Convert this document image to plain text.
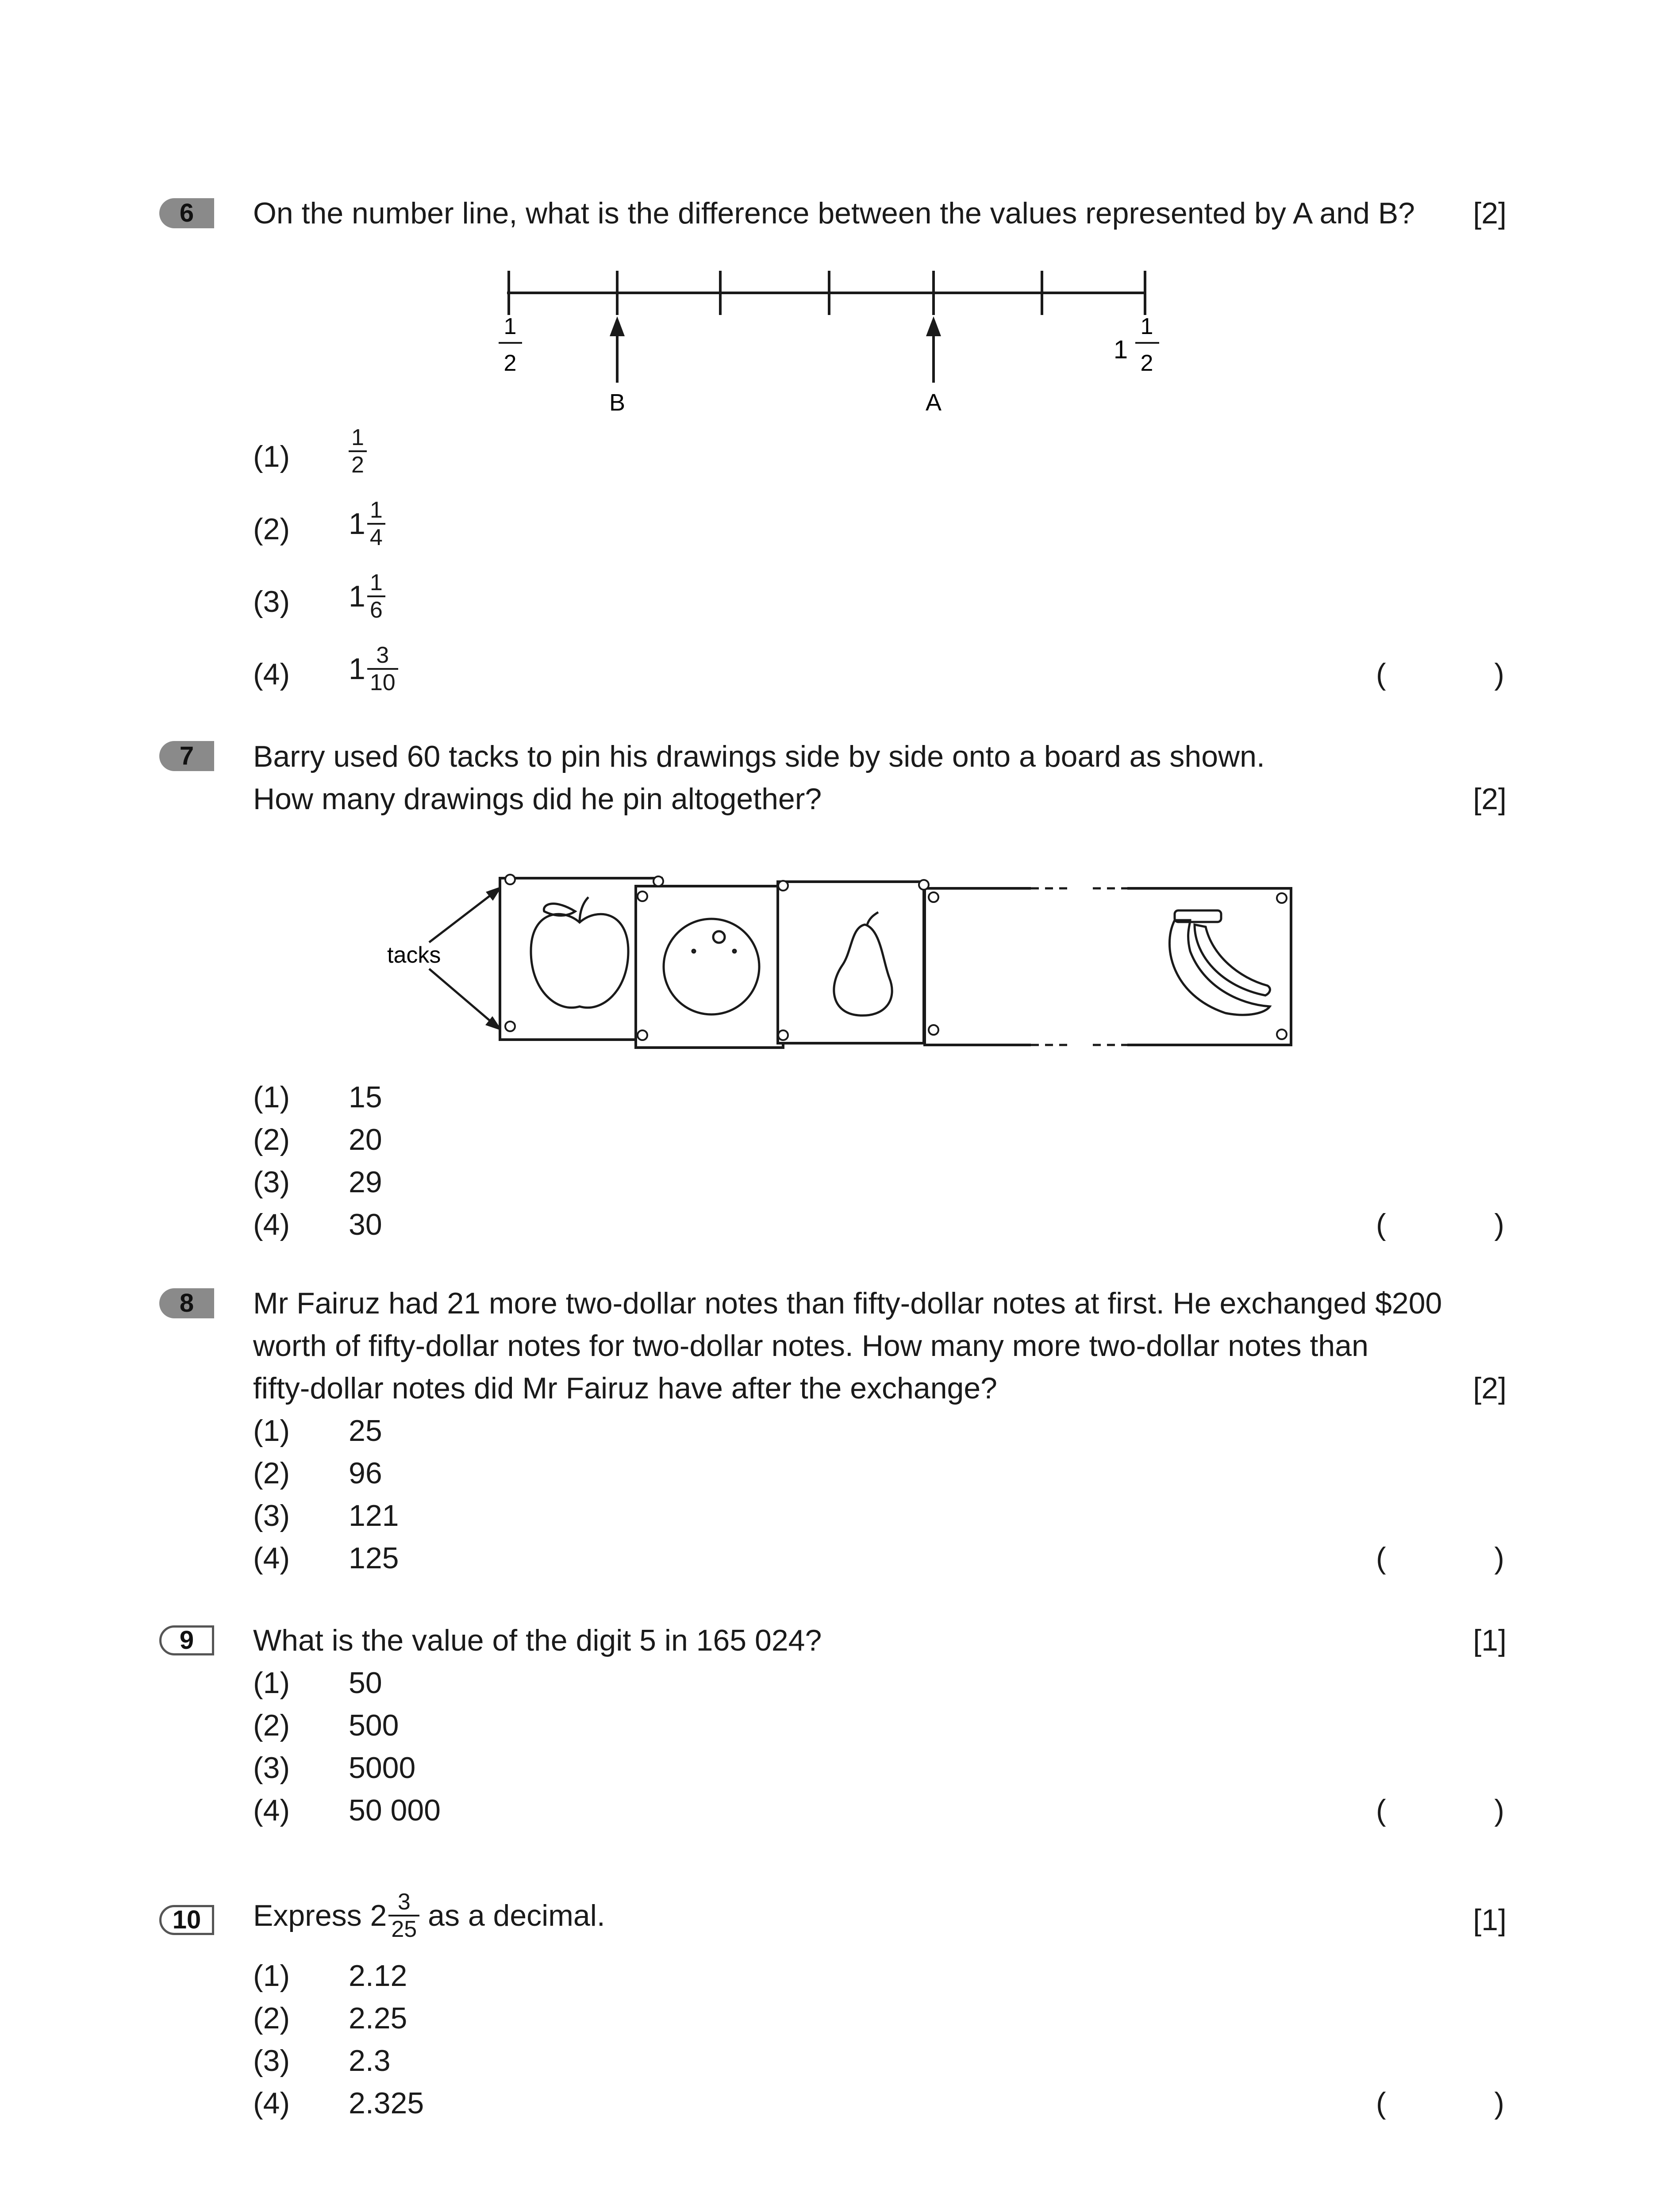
6	On the number line, what is the difference between the values represented by A and B? [2]
1
2	1
1
2
B	A
(1)	$\frac{1}{2}$
(2) $1 \frac{1}{4}$
(3) $1 \frac{1}{6}$
(4) $1 \frac{3}{10}$	(	)
7	Barry used 60 tacks to pin his drawings side by side onto a board as shown.
How many drawings did he pin altogether?	[2]
tacks
(1) 15
(2) 20
(3) 29
(4) 30	(	)
8	Mr Fairuz had 21 more two-dollar notes than fifty-dollar notes at first. He exchanged $200
worth of fifty-dollar notes for two-dollar notes. How many more two-dollar notes than
fifty-dollar notes did Mr Fairuz have after the exchange?	[2]
(1) 25
(2) 96
(3) 121
(4) 125	(	)
9	What is the value of the digit 5 in 165 024?	[1]
(1) 50
(2) 500
(3) 5000
(4) 50 000	(	)
10	Express $2 \frac{3}{25}$ as a decimal.	[1]
(1) 2.12
(2) 2.25
(3) 2.3
(4) 2.325	(	)
